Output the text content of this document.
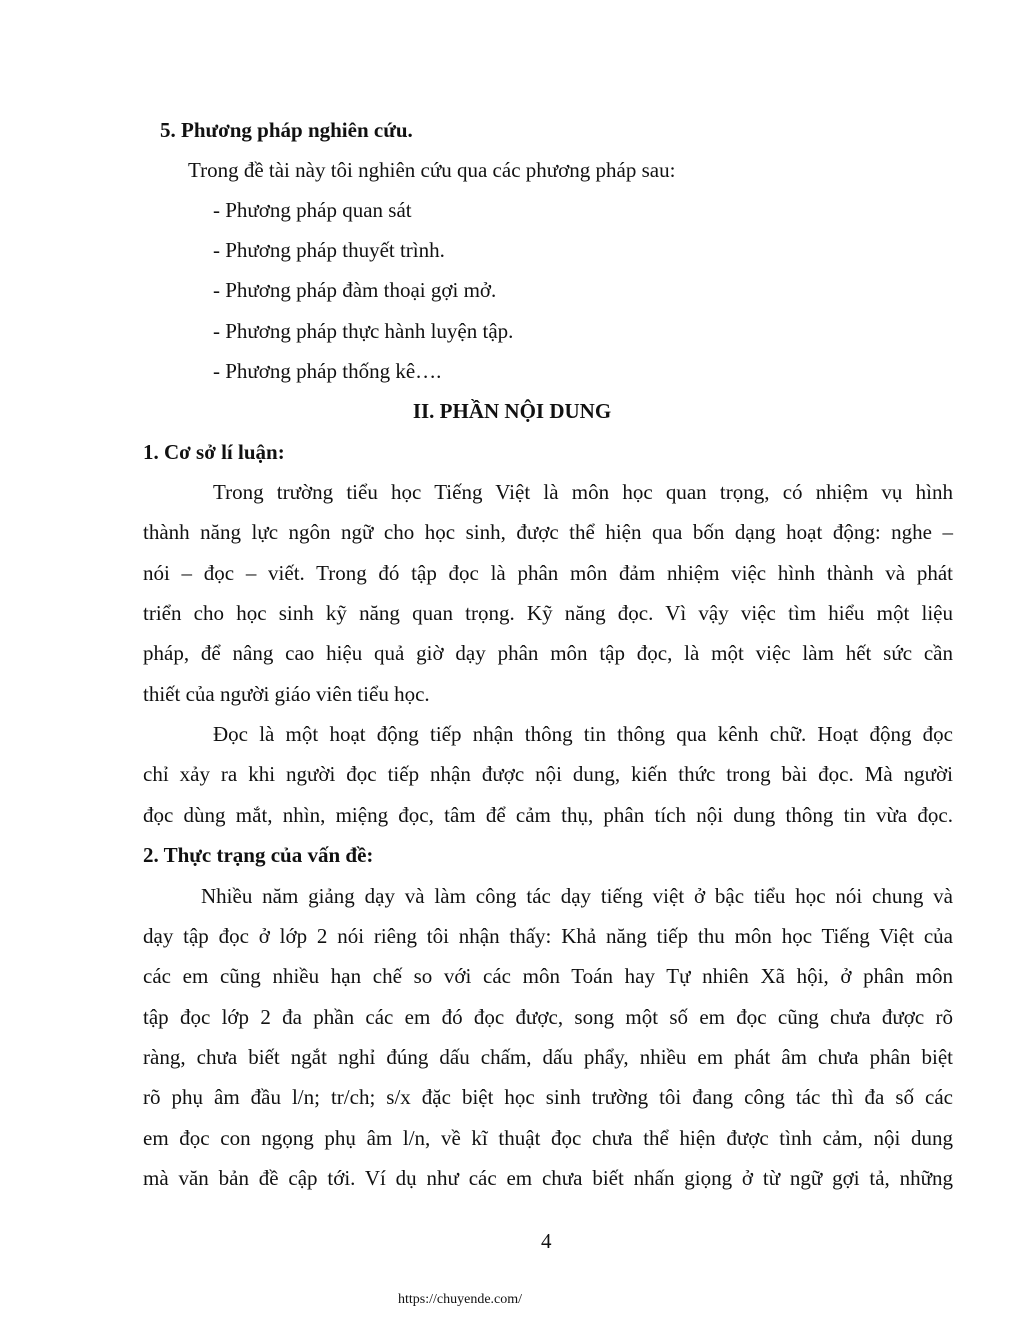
5. Phương pháp nghiên cứu.
Trong đề tài này tôi nghiên cứu qua các phương pháp sau:
- Phương pháp quan sát
- Phương pháp thuyết trình.
- Phương pháp đàm thoại gợi mở.
- Phương pháp thực hành luyện tập.
- Phương pháp thống kê….
II. PHẦN NỘI DUNG
1. Cơ sở lí luận:
Trong trường tiểu học Tiếng Việt là môn học quan trọng, có nhiệm vụ hình
thành năng lực ngôn ngữ cho học sinh, được thể hiện qua bốn dạng hoạt động: nghe –
nói – đọc – viết. Trong đó tập đọc là phân môn đảm nhiệm việc hình thành và phát
triển cho học sinh kỹ năng quan trọng. Kỹ năng đọc. Vì vậy việc tìm hiểu một liệu
pháp, để nâng cao hiệu quả giờ dạy phân môn tập đọc, là một việc làm hết sức cần
thiết của người giáo viên tiểu học.
Đọc là một hoạt động tiếp nhận thông tin thông qua kênh chữ. Hoạt động đọc
chỉ xảy ra khi người đọc tiếp nhận được nội dung, kiến thức trong bài đọc. Mà người
đọc dùng mắt, nhìn, miệng đọc, tâm để cảm thụ, phân tích nội dung thông tin vừa đọc.
2. Thực trạng của vấn đề:
Nhiều năm giảng dạy và làm công tác dạy tiếng việt ở bậc tiểu học nói chung và
dạy tập đọc ở lớp 2 nói riêng tôi nhận thấy: Khả năng tiếp thu môn học Tiếng Việt của
các em cũng nhiều hạn chế so với các môn Toán hay Tự nhiên Xã hội, ở phân môn
tập đọc lớp 2 đa phần các em đó đọc được, song một số em đọc cũng chưa được rõ
ràng, chưa biết ngắt nghỉ đúng dấu chấm, dấu phẩy, nhiều em phát âm chưa phân biệt
rõ phụ âm đầu l/n; tr/ch; s/x đặc biệt học sinh trường tôi đang công tác thì đa số các
em đọc con ngọng phụ âm l/n, về kĩ thuật đọc chưa thể hiện được tình cảm, nội dung
mà văn bản đề cập tới. Ví dụ như các em chưa biết nhấn giọng ở từ ngữ gợi tả, những
4
https://chuyende.com/
